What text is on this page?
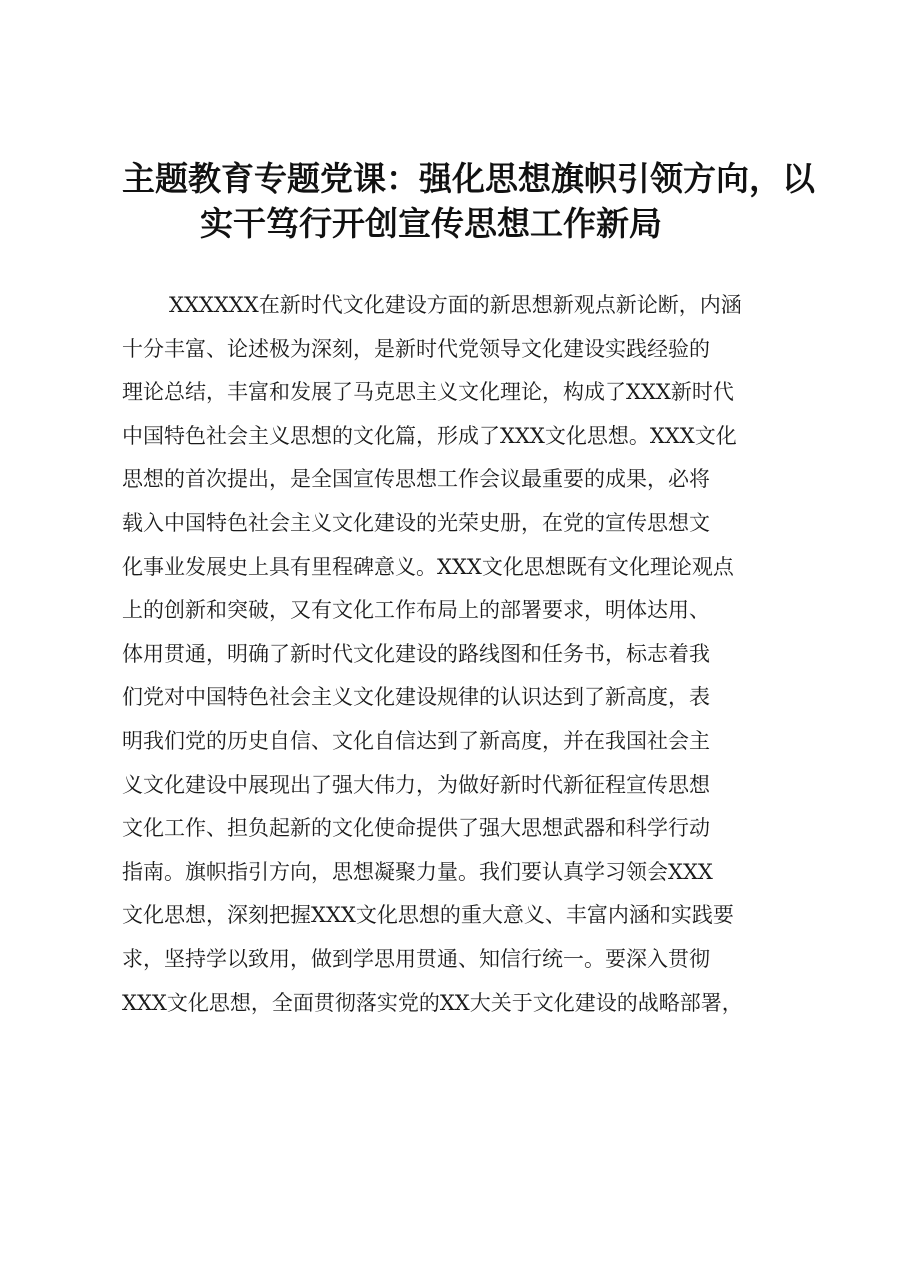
主题教育专题党课：强化思想旗帜引领方向，以
实干笃行开创宣传思想工作新局
XXXXXX在新时代文化建设方面的新思想新观点新论断，内涵
十分丰富、论述极为深刻，是新时代党领导文化建设实践经验的
理论总结，丰富和发展了马克思主义文化理论，构成了XXX新时代
中国特色社会主义思想的文化篇，形成了XXX文化思想。XXX文化
思想的首次提出，是全国宣传思想工作会议最重要的成果，必将
载入中国特色社会主义文化建设的光荣史册，在党的宣传思想文
化事业发展史上具有里程碑意义。XXX文化思想既有文化理论观点
上的创新和突破，又有文化工作布局上的部署要求，明体达用、
体用贯通，明确了新时代文化建设的路线图和任务书，标志着我
们党对中国特色社会主义文化建设规律的认识达到了新高度，表
明我们党的历史自信、文化自信达到了新高度，并在我国社会主
义文化建设中展现出了强大伟力，为做好新时代新征程宣传思想
文化工作、担负起新的文化使命提供了强大思想武器和科学行动
指南。旗帜指引方向，思想凝聚力量。我们要认真学习领会XXX
文化思想，深刻把握XXX文化思想的重大意义、丰富内涵和实践要
求，坚持学以致用，做到学思用贯通、知信行统一。要深入贯彻
XXX文化思想，全面贯彻落实党的XX大关于文化建设的战略部署，
